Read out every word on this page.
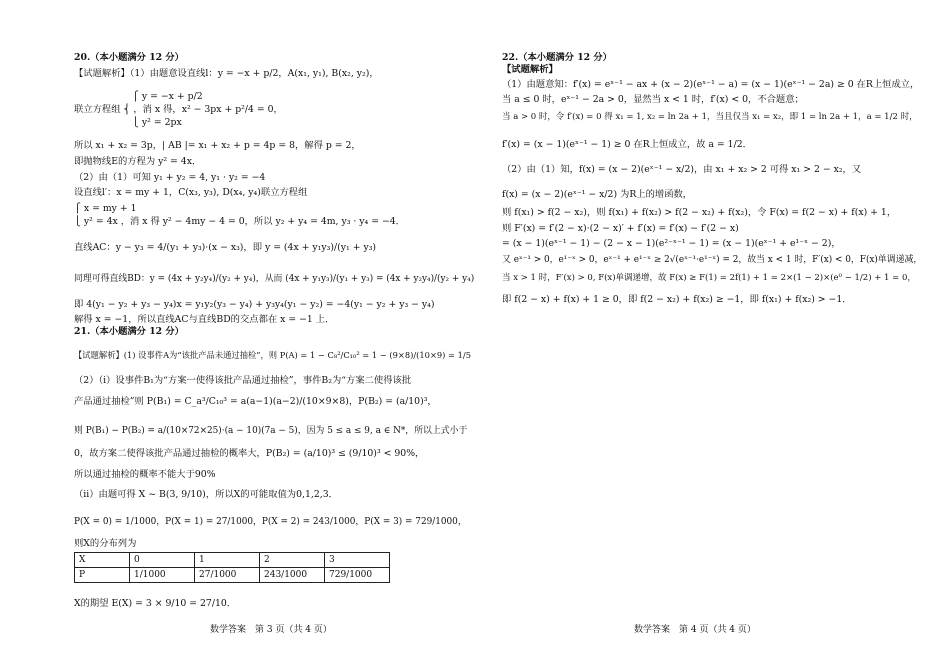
20.（本小题满分 12 分）
【试题解析】（1）由题意设直线l：y = −x + p/2，A(x₁, y₁), B(x₂, y₂)，
⎧ y = −x + p/2
联立方程组 ⎨ ，消 x 得，x² − 3px + p²/4 = 0，
⎩ y² = 2px
所以 x₁ + x₂ = 3p，| AB |= x₁ + x₂ + p = 4p = 8，解得 p = 2，
即抛物线E的方程为 y² = 4x．
（2）由（1）可知 y₁ + y₂ = 4, y₁ · y₂ = −4
设直线l′：x = my + 1，C(x₃, y₃), D(x₄, y₄)联立方程组
⎧ x = my + 1
⎩ y² = 4x ，消 x 得 y² − 4my − 4 = 0，所以 y₂ + y₄ = 4m, y₃ · y₄ = −4．
直线AC：y − y₃ = 4/(y₁ + y₃)·(x − x₃)，即 y = (4x + y₁y₃)/(y₁ + y₃)
同理可得直线BD：y = (4x + y₂y₄)/(y₂ + y₄)，从而 (4x + y₁y₃)/(y₁ + y₃) = (4x + y₂y₄)/(y₂ + y₄)
即 4(y₁ − y₂ + y₃ − y₄)x = y₁y₂(y₃ − y₄) + y₃y₄(y₁ − y₂) = −4(y₁ − y₂ + y₃ − y₄)
解得 x = −1，所以直线AC与直线BD的交点都在 x = −1 上．
21.（本小题满分 12 分）
【试题解析】(1) 设事件A为“该批产品未通过抽检”，则 P(A) = 1 − C₈²/C₁₀² = 1 − (9×8)/(10×9) = 1/5
（2）（i）设事件B₁为“方案一使得该批产品通过抽检”，事件B₂为“方案二使得该批
产品通过抽检”则 P(B₁) = C_a³/C₁₀³ = a(a−1)(a−2)/(10×9×8)，P(B₂) = (a/10)³，
则 P(B₁) − P(B₂) = a/(10×72×25)·(a − 10)(7a − 5)，因为 5 ≤ a ≤ 9, a ∈ N*，所以上式小于
0，故方案二使得该批产品通过抽检的概率大，P(B₂) = (a/10)³ ≤ (9/10)³ < 90%，
所以通过抽检的概率不能大于90%
（ii）由题可得 X ~ B(3, 9/10)，所以X的可能取值为0,1,2,3．
P(X = 0) = 1/1000，P(X = 1) = 27/1000，P(X = 2) = 243/1000，P(X = 3) = 729/1000，
则X的分布列为
X	0	1	2	3
P	1/1000	27/1000	243/1000	729/1000
X的期望 E(X) = 3 × 9/10 = 27/10．
数学答案　第 3 页（共 4 页）
22.（本小题满分 12 分）
【试题解析】
（1）由题意知：f′(x) = eˣ⁻¹ − ax + (x − 2)(eˣ⁻¹ − a) = (x − 1)(eˣ⁻¹ − 2a) ≥ 0 在R上恒成立，
当 a ≤ 0 时，eˣ⁻¹ − 2a > 0，显然当 x < 1 时，f′(x) < 0，不合题意；
当 a > 0 时，令 f′(x) = 0 得 x₁ = 1, x₂ = ln 2a + 1，当且仅当 x₁ = x₂，即 1 = ln 2a + 1，a = 1/2 时，
f′(x) = (x − 1)(eˣ⁻¹ − 1) ≥ 0 在R上恒成立，故 a = 1/2．
（2）由（1）知，f(x) = (x − 2)(eˣ⁻¹ − x/2)，由 x₁ + x₂ > 2 可得 x₁ > 2 − x₂，又
f(x) = (x − 2)(eˣ⁻¹ − x/2) 为R上的增函数，
则 f(x₁) > f(2 − x₂)，则 f(x₁) + f(x₂) > f(2 − x₂) + f(x₂)，令 F(x) = f(2 − x) + f(x) + 1，
则 F′(x) = f′(2 − x)·(2 − x)′ + f′(x) = f′(x) − f′(2 − x)
= (x − 1)(eˣ⁻¹ − 1) − (2 − x − 1)(e²⁻ˣ⁻¹ − 1) = (x − 1)(eˣ⁻¹ + e¹⁻ˣ − 2)，
又 eˣ⁻¹ > 0，e¹⁻ˣ > 0，eˣ⁻¹ + e¹⁻ˣ ≥ 2√(eˣ⁻¹·e¹⁻ˣ) = 2，故当 x < 1 时，F′(x) < 0，F(x)单调递减，
当 x > 1 时，F′(x) > 0, F(x)单调递增，故 F(x) ≥ F(1) = 2f(1) + 1 = 2×(1 − 2)×(e⁰ − 1/2) + 1 = 0，
即 f(2 − x) + f(x) + 1 ≥ 0，即 f(2 − x₂) + f(x₂) ≥ −1，即 f(x₁) + f(x₂) > −1．
数学答案　第 4 页（共 4 页）
